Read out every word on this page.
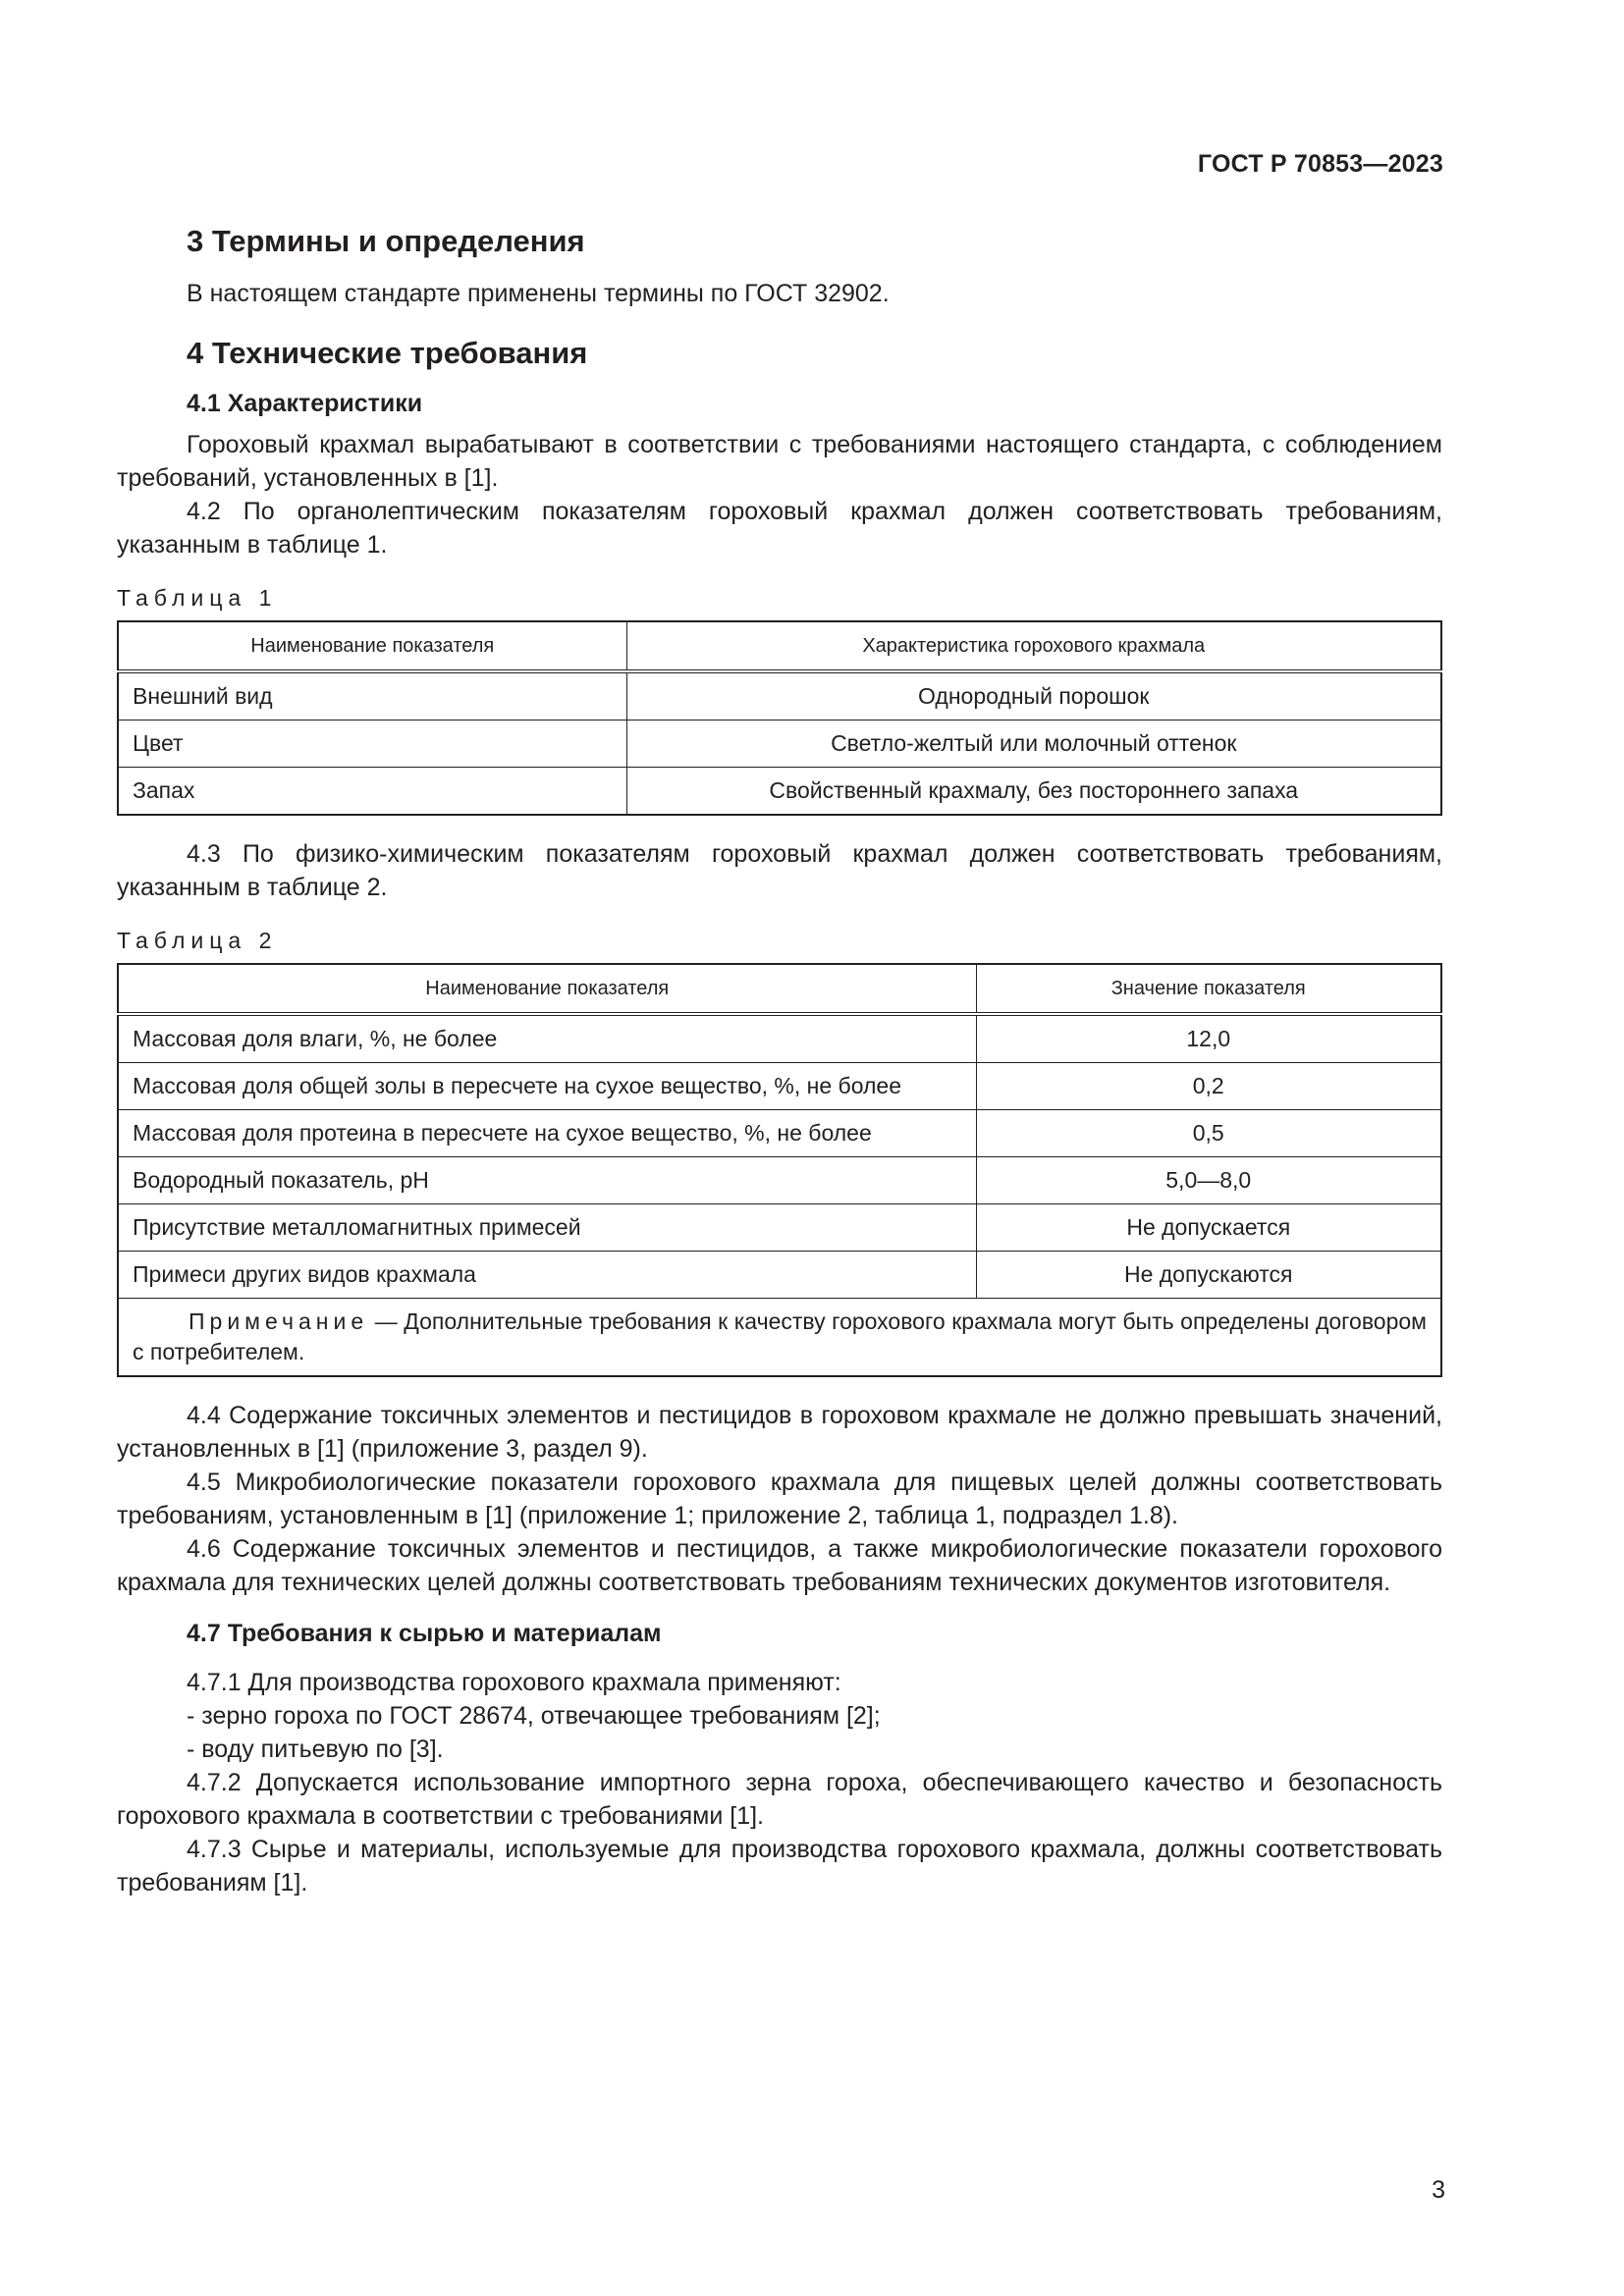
ГОСТ Р 70853—2023
3 Термины и определения

В настоящем стандарте применены термины по ГОСТ 32902.

4 Технические требования
4.1 Характеристики

Гороховый крахмал вырабатывают в соответствии с требованиями настоящего стандарта, с соблюдением требований, установленных в [1].

4.2 По органолептическим показателям гороховый крахмал должен соответствовать требованиям, указанным в таблице 1.

Таблица 1

Наименование показателя	Характеристика горохового крахмала
Внешний вид	Однородный порошок
Цвет	Светло-желтый или молочный оттенок
Запах	Свойственный крахмалу, без постороннего запаха

4.3 По физико-химическим показателям гороховый крахмал должен соответствовать требованиям, указанным в таблице 2.

Таблица 2

Наименование показателя	Значение показателя
Массовая доля влаги, %, не более	12,0
Массовая доля общей золы в пересчете на сухое вещество, %, не более	0,2
Массовая доля протеина в пересчете на сухое вещество, %, не более	0,5
Водородный показатель, pH	5,0—8,0
Присутствие металломагнитных примесей	Не допускается
Примеси других видов крахмала	Не допускаются
Примечание — Дополнительные требования к качеству горохового крахмала могут быть определены договором с потребителем.	

4.4 Содержание токсичных элементов и пестицидов в гороховом крахмале не должно превышать значений, установленных в [1] (приложение 3, раздел 9).

4.5 Микробиологические показатели горохового крахмала для пищевых целей должны соответствовать требованиям, установленным в [1] (приложение 1; приложение 2, таблица 1, подраздел 1.8).

4.6 Содержание токсичных элементов и пестицидов, а также микробиологические показатели горохового крахмала для технических целей должны соответствовать требованиям технических документов изготовителя.

4.7 Требования к сырью и материалам

4.7.1 Для производства горохового крахмала применяют:

- зерно гороха по ГОСТ 28674, отвечающее требованиям [2];

- воду питьевую по [3].

4.7.2 Допускается использование импортного зерна гороха, обеспечивающего качество и безопасность горохового крахмала в соответствии с требованиями [1].

4.7.3 Сырье и материалы, используемые для производства горохового крахмала, должны соответствовать требованиям [1].

3
